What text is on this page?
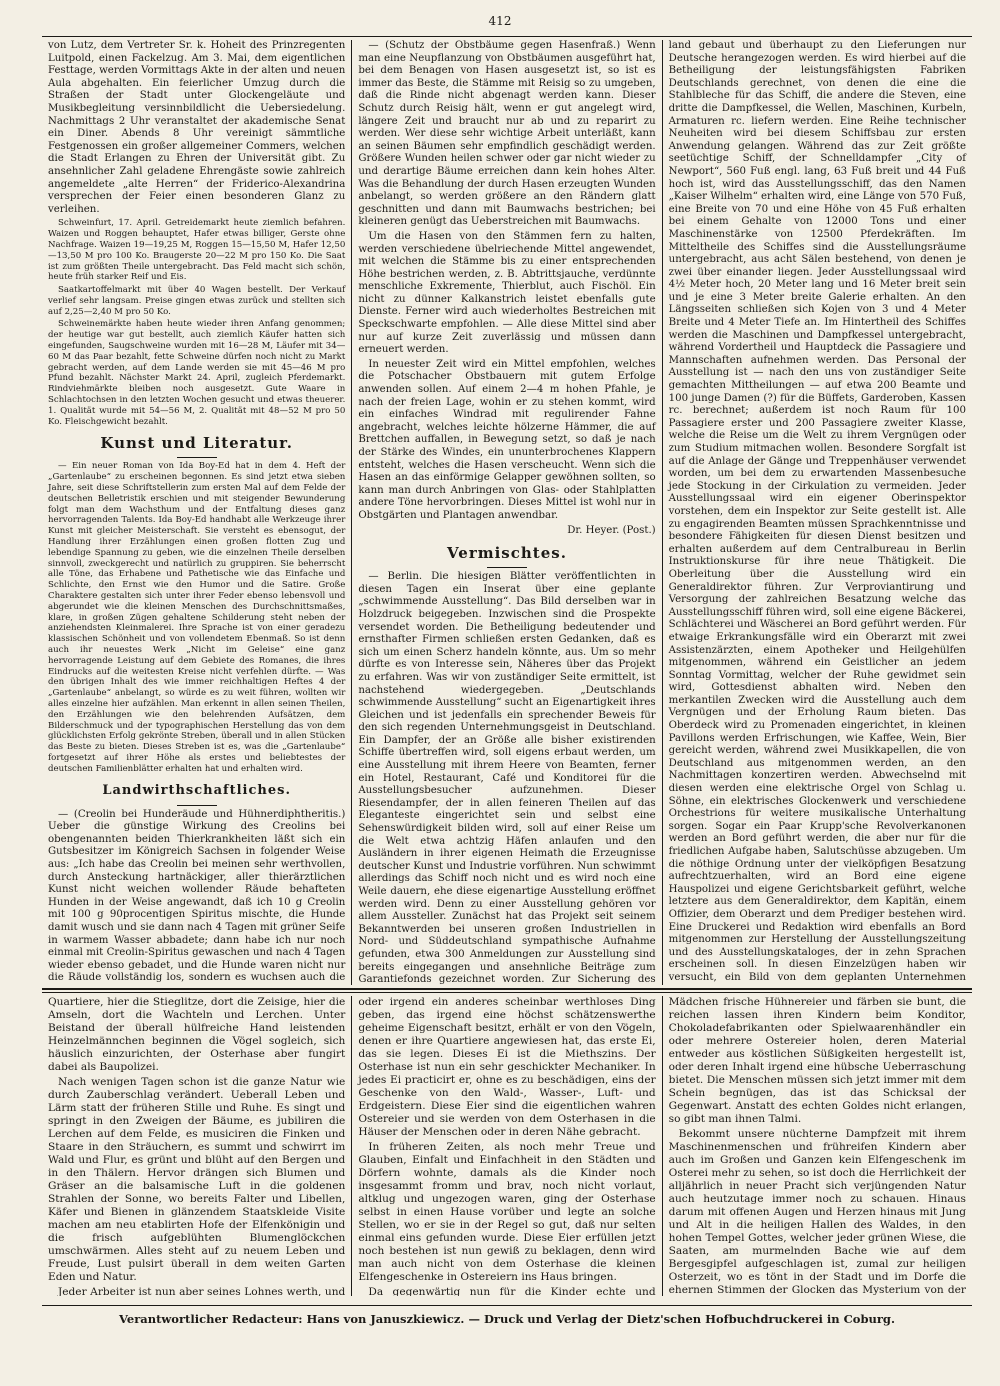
412

von Lutz, dem Vertreter Sr. k. Hoheit des Prinzregenten Luitpold, einen Fackelzug. Am 3. Mai, dem eigentlichen Festtage, werden Vormittags Akte in der alten und neuen Aula abgehalten. Ein feierlicher Umzug durch die Straßen der Stadt unter Glockengeläute und Musikbegleitung versinnbildlicht die Uebersiedelung. Nachmittags 2 Uhr veranstaltet der akademische Senat ein Diner. Abends 8 Uhr vereinigt sämmtliche Festgenossen ein großer allgemeiner Commers, welchen die Stadt Erlangen zu Ehren der Universität gibt. Zu ansehnlicher Zahl geladene Ehrengäste sowie zahlreich angemeldete „alte Herren“ der Friderico-Alexandrina versprechen der Feier einen besonderen Glanz zu verleihen.

Schweinfurt, 17. April. Getreidemarkt heute ziemlich befahren. Waizen und Roggen behauptet, Hafer etwas billiger, Gerste ohne Nachfrage. Waizen 19—19,25 M, Roggen 15—15,50 M, Hafer 12,50—13,50 M pro 100 Ko. Braugerste 20—22 M pro 150 Ko. Die Saat ist zum größten Theile untergebracht. Das Feld macht sich schön, heute früh starker Reif und Eis.

Saatkartoffelmarkt mit über 40 Wagen bestellt. Der Verkauf verlief sehr langsam. Preise gingen etwas zurück und stellten sich auf 2,25—2,40 M pro 50 Ko.

Schweinemärkte haben heute wieder ihren Anfang genommen; der heutige war gut bestellt, auch ziemlich Käufer hatten sich eingefunden, Saugschweine wurden mit 16—28 M, Läufer mit 34—60 M das Paar bezahlt, fette Schweine dürfen noch nicht zu Markt gebracht werden, auf dem Lande werden sie mit 45—46 M pro Pfund bezahlt. Nächster Markt 24. April, zugleich Pferdemarkt. Rindviehmärkte bleiben noch ausgesetzt. Gute Waare in Schlachtochsen in den letzten Wochen gesucht und etwas theuerer. 1. Qualität wurde mit 54—56 M, 2. Qualität mit 48—52 M pro 50 Ko. Fleischgewicht bezahlt.

Kunst und Literatur.

— Ein neuer Roman von Ida Boy-Ed hat in dem 4. Heft der „Gartenlaube“ zu erscheinen begonnen. Es sind jetzt etwa sieben Jahre, seit diese Schriftstellerin zum ersten Mal auf dem Felde der deutschen Belletristik erschien und mit steigender Bewunderung folgt man dem Wachsthum und der Entfaltung dieses ganz hervorragenden Talents. Ida Boy-Ed handhabt alle Werkzeuge ihrer Kunst mit gleicher Meisterschaft. Sie versteht es ebensogut, der Handlung ihrer Erzählungen einen großen flotten Zug und lebendige Spannung zu geben, wie die einzelnen Theile derselben sinnvoll, zweckgerecht und natürlich zu gruppiren. Sie beherrscht alle Töne, das Erhabene und Pathetische wie das Einfache und Schlichte, den Ernst wie den Humor und die Satire. Große Charaktere gestalten sich unter ihrer Feder ebenso lebensvoll und abgerundet wie die kleinen Menschen des Durchschnittsmaßes, klare, in großen Zügen gehaltene Schilderung steht neben der anziehendsten Kleinmalerei. Ihre Sprache ist von einer geradezu klassischen Schönheit und von vollendetem Ebenmaß. So ist denn auch ihr neuestes Werk „Nicht im Geleise“ eine ganz hervorragende Leistung auf dem Gebiete des Romanes, die ihres Eindrucks auf die weitesten Kreise nicht verfehlen dürfte. — Was den übrigen Inhalt des wie immer reichhaltigen Heftes 4 der „Gartenlaube“ anbelangt, so würde es zu weit führen, wollten wir alles einzelne hier aufzählen. Man erkennt in allen seinen Theilen, den Erzählungen wie den belehrenden Aufsätzen, dem Bilderschmuck und der typographischen Herstellung das von dem glücklichsten Erfolg gekrönte Streben, überall und in allen Stücken das Beste zu bieten. Dieses Streben ist es, was die „Gartenlaube“ fortgesetzt auf ihrer Höhe als erstes und beliebtestes der deutschen Familienblätter erhalten hat und erhalten wird.

Landwirthschaftliches.

— (Creolin bei Hunderäude und Hühnerdiphtheritis.) Ueber die günstige Wirkung des Creolins bei obengenannten beiden Thierkrankheiten läßt sich ein Gutsbesitzer im Königreich Sachsen in folgender Weise aus: „Ich habe das Creolin bei meinen sehr werthvollen, durch Ansteckung hartnäckiger, aller thierärztlichen Kunst nicht weichen wollender Räude behafteten Hunden in der Weise angewandt, daß ich 10 g Creolin mit 100 g 90procentigen Spiritus mischte, die Hunde damit wusch und sie dann nach 4 Tagen mit grüner Seife in warmem Wasser abbadete; dann habe ich nur noch einmal mit Creolin-Spiritus gewaschen und nach 4 Tagen wieder ebenso gebadet, und die Hunde waren nicht nur die Räude vollständig los, sondern es wuchsen auch die

— (Schutz der Obstbäume gegen Hasenfraß.) Wenn man eine Neupflanzung von Obstbäumen ausgeführt hat, bei dem Benagen von Hasen ausgesetzt ist, so ist es immer das Beste, die Stämme mit Reisig so zu umgeben, daß die Rinde nicht abgenagt werden kann. Dieser Schutz durch Reisig hält, wenn er gut angelegt wird, längere Zeit und braucht nur ab und zu reparirt zu werden. Wer diese sehr wichtige Arbeit unterläßt, kann an seinen Bäumen sehr empfindlich geschädigt werden. Größere Wunden heilen schwer oder gar nicht wieder zu und derartige Bäume erreichen dann kein hohes Alter. Was die Behandlung der durch Hasen erzeugten Wunden anbelangt, so werden größere an den Rändern glatt geschnitten und dann mit Baumwachs bestrichen; bei kleineren genügt das Ueberstreichen mit Baumwachs.

Um die Hasen von den Stämmen fern zu halten, werden verschiedene übelriechende Mittel angewendet, mit welchen die Stämme bis zu einer entsprechenden Höhe bestrichen werden, z. B. Abtrittsjauche, verdünnte menschliche Exkremente, Thierblut, auch Fischöl. Ein nicht zu dünner Kalkanstrich leistet ebenfalls gute Dienste. Ferner wird auch wiederholtes Bestreichen mit Speckschwarte empfohlen. — Alle diese Mittel sind aber nur auf kurze Zeit zuverlässig und müssen dann erneuert werden.

In neuester Zeit wird ein Mittel empfohlen, welches die Potschacher Obstbauern mit gutem Erfolge anwenden sollen. Auf einem 2—4 m hohen Pfahle, je nach der freien Lage, wohin er zu stehen kommt, wird ein einfaches Windrad mit regulirender Fahne angebracht, welches leichte hölzerne Hämmer, die auf Brettchen auffallen, in Bewegung setzt, so daß je nach der Stärke des Windes, ein ununterbrochenes Klappern entsteht, welches die Hasen verscheucht. Wenn sich die Hasen an das einförmige Gelapper gewöhnen sollten, so kann man durch Anbringen von Glas- oder Stahlplatten andere Töne hervorbringen. Dieses Mittel ist wohl nur in Obstgärten und Plantagen anwendbar.

Dr. Heyer. (Post.)
Vermischtes.

— Berlin. Die hiesigen Blätter veröffentlichten in diesen Tagen ein Inserat über eine geplante „schwimmende Ausstellung“. Das Bild derselben war in Holzdruck beigegeben. Inzwischen sind die Prospekte versendet worden. Die Betheiligung bedeutender und ernsthafter Firmen schließen ersten Gedanken, daß es sich um einen Scherz handeln könnte, aus. Um so mehr dürfte es von Interesse sein, Näheres über das Projekt zu erfahren. Was wir von zuständiger Seite ermittelt, ist nachstehend wiedergegeben. „Deutschlands schwimmende Ausstellung“ sucht an Eigenartigkeit ihres Gleichen und ist jedenfalls ein sprechender Beweis für den sich regenden Unternehmungsgeist in Deutschland. Ein Dampfer, der an Größe alle bisher existirenden Schiffe übertreffen wird, soll eigens erbaut werden, um eine Ausstellung mit ihrem Heere von Beamten, ferner ein Hotel, Restaurant, Café und Konditorei für die Ausstellungsbesucher aufzunehmen. Dieser Riesendampfer, der in allen feineren Theilen auf das Eleganteste eingerichtet sein und selbst eine Sehenswürdigkeit bilden wird, soll auf einer Reise um die Welt etwa achtzig Häfen anlaufen und den Ausländern in ihrer eigenen Heimath die Erzeugnisse deutscher Kunst und Industrie vorführen. Nun schwimmt allerdings das Schiff noch nicht und es wird noch eine Weile dauern, ehe diese eigenartige Ausstellung eröffnet werden wird. Denn zu einer Ausstellung gehören vor allem Aussteller. Zunächst hat das Projekt seit seinem Bekanntwerden bei unseren großen Industriellen in Nord- und Süddeutschland sympathische Aufnahme gefunden, etwa 300 Anmeldungen zur Ausstellung sind bereits eingegangen und ansehnliche Beiträge zum Garantiefonds gezeichnet worden. Zur Sicherung des

land gebaut und überhaupt zu den Lieferungen nur Deutsche herangezogen werden. Es wird hierbei auf die Betheiligung der leistungsfähigsten Fabriken Deutschlands gerechnet, von denen die eine die Stahlbleche für das Schiff, die andere die Steven, eine dritte die Dampfkessel, die Wellen, Maschinen, Kurbeln, Armaturen rc. liefern werden. Eine Reihe technischer Neuheiten wird bei diesem Schiffsbau zur ersten Anwendung gelangen. Während das zur Zeit größte seetüchtige Schiff, der Schnelldampfer „City of Newport“, 560 Fuß engl. lang, 63 Fuß breit und 44 Fuß hoch ist, wird das Ausstellungsschiff, das den Namen „Kaiser Wilhelm“ erhalten wird, eine Länge von 570 Fuß, eine Breite von 70 und eine Höhe von 45 Fuß erhalten bei einem Gehalte von 12000 Tons und einer Maschinenstärke von 12500 Pferdekräften. Im Mitteltheile des Schiffes sind die Ausstellungsräume untergebracht, aus acht Sälen bestehend, von denen je zwei über einander liegen. Jeder Ausstellungssaal wird 4½ Meter hoch, 20 Meter lang und 16 Meter breit sein und je eine 3 Meter breite Galerie erhalten. An den Längsseiten schließen sich Kojen von 3 und 4 Meter Breite und 4 Meter Tiefe an. Im Hintertheil des Schiffes werden die Maschinen und Dampfkessel untergebracht, während Vordertheil und Hauptdeck die Passagiere und Mannschaften aufnehmen werden. Das Personal der Ausstellung ist — nach den uns von zuständiger Seite gemachten Mittheilungen — auf etwa 200 Beamte und 100 junge Damen (?) für die Büffets, Garderoben, Kassen rc. berechnet; außerdem ist noch Raum für 100 Passagiere erster und 200 Passagiere zweiter Klasse, welche die Reise um die Welt zu ihrem Vergnügen oder zum Studium mitmachen wollen. Besondere Sorgfalt ist auf die Anlage der Gänge und Treppenhäuser verwendet worden, um bei dem zu erwartenden Massenbesuche jede Stockung in der Cirkulation zu vermeiden. Jeder Ausstellungssaal wird ein eigener Oberinspektor vorstehen, dem ein Inspektor zur Seite gestellt ist. Alle zu engagirenden Beamten müssen Sprachkenntnisse und besondere Fähigkeiten für diesen Dienst besitzen und erhalten außerdem auf dem Centralbureau in Berlin Instruktionskurse für ihre neue Thätigkeit. Die Oberleitung über die Ausstellung wird ein Generaldirektor führen. Zur Verproviantirung und Versorgung der zahlreichen Besatzung welche das Ausstellungsschiff führen wird, soll eine eigene Bäckerei, Schlächterei und Wäscherei an Bord geführt werden. Für etwaige Erkrankungsfälle wird ein Oberarzt mit zwei Assistenzärzten, einem Apotheker und Heilgehülfen mitgenommen, während ein Geistlicher an jedem Sonntag Vormittag, welcher der Ruhe gewidmet sein wird, Gottesdienst abhalten wird. Neben den merkantilen Zwecken wird die Ausstellung auch dem Vergnügen und der Erholung Raum bieten. Das Oberdeck wird zu Promenaden eingerichtet, in kleinen Pavillons werden Erfrischungen, wie Kaffee, Wein, Bier gereicht werden, während zwei Musikkapellen, die von Deutschland aus mitgenommen werden, an den Nachmittagen konzertiren werden. Abwechselnd mit diesen werden eine elektrische Orgel von Schlag u. Söhne, ein elektrisches Glockenwerk und verschiedene Orchestrions für weitere musikalische Unterhaltung sorgen. Sogar ein Paar Krupp'sche Revolverkanonen werden an Bord geführt werden, die aber nur für die friedlichen Aufgabe haben, Salutschüsse abzugeben. Um die nöthige Ordnung unter der vielköpfigen Besatzung aufrechtzuerhalten, wird an Bord eine eigene Hauspolizei und eigene Gerichtsbarkeit geführt, welche letztere aus dem Generaldirektor, dem Kapitän, einem Offizier, dem Oberarzt und dem Prediger bestehen wird. Eine Druckerei und Redaktion wird ebenfalls an Bord mitgenommen zur Herstellung der Ausstellungszeitung und des Ausstellungskataloges, der in zehn Sprachen erscheinen soll. In diesen Einzelzügen haben wir versucht, ein Bild von dem geplanten Unternehmen

Quartiere, hier die Stieglitze, dort die Zeisige, hier die Amseln, dort die Wachteln und Lerchen. Unter Beistand der überall hülfreiche Hand leistenden Heinzelmännchen beginnen die Vögel sogleich, sich häuslich einzurichten, der Osterhase aber fungirt dabei als Baupolizei.

Nach wenigen Tagen schon ist die ganze Natur wie durch Zauberschlag verändert. Ueberall Leben und Lärm statt der früheren Stille und Ruhe. Es singt und springt in den Zweigen der Bäume, es jubiliren die Lerchen auf dem Felde, es musiciren die Finken und Staare in den Sträuchern, es summt und schwirrt im Wald und Flur, es grünt und blüht auf den Bergen und in den Thälern. Hervor drängen sich Blumen und Gräser an die balsamische Luft in die goldenen Strahlen der Sonne, wo bereits Falter und Libellen, Käfer und Bienen in glänzendem Staatskleide Visite machen am neu etablirten Hofe der Elfenkönigin und die frisch aufgeblühten Blumenglöckchen umschwärmen. Alles steht auf zu neuem Leben und Freude, Lust pulsirt überall in dem weiten Garten Eden und Natur.

Jeder Arbeiter ist nun aber seines Lohnes werth, und

oder irgend ein anderes scheinbar werthloses Ding geben, das irgend eine höchst schätzenswerthe geheime Eigenschaft besitzt, erhält er von den Vögeln, denen er ihre Quartiere angewiesen hat, das erste Ei, das sie legen. Dieses Ei ist die Miethszins. Der Osterhase ist nun ein sehr geschickter Mechaniker. In jedes Ei practicirt er, ohne es zu beschädigen, eins der Geschenke von den Wald-, Wasser-, Luft- und Erdgeistern. Diese Eier sind die eigentlichen wahren Ostereier und sie werden von dem Osterhasen in die Häuser der Menschen oder in deren Nähe gebracht.

In früheren Zeiten, als noch mehr Treue und Glauben, Einfalt und Einfachheit in den Städten und Dörfern wohnte, damals als die Kinder noch insgesammt fromm und brav, noch nicht vorlaut, altklug und ungezogen waren, ging der Osterhase selbst in einen Hause vorüber und legte an solche Stellen, wo er sie in der Regel so gut, daß nur selten einmal eins gefunden wurde. Diese Eier erfüllen jetzt noch bestehen ist nun gewiß zu beklagen, denn wird man auch nicht von dem Osterhase die kleinen Elfengeschenke in Ostereiern ins Haus bringen.

Da gegenwärtig nun für die Kinder echte und

Mädchen frische Hühnereier und färben sie bunt, die reichen lassen ihren Kindern beim Konditor, Chokoladefabrikanten oder Spielwaarenhändler ein oder mehrere Ostereier holen, deren Material entweder aus köstlichen Süßigkeiten hergestellt ist, oder deren Inhalt irgend eine hübsche Ueberraschung bietet. Die Menschen müssen sich jetzt immer mit dem Schein begnügen, das ist das Schicksal der Gegenwart. Anstatt des echten Goldes nicht erlangen, so gibt man ihnen Talmi.

Bekommt unsere nüchterne Dampfzeit mit ihrem Maschinenmenschen und frühreifen Kindern aber auch im Großen und Ganzen kein Elfengeschenk im Osterei mehr zu sehen, so ist doch die Herrlichkeit der alljährlich in neuer Pracht sich verjüngenden Natur auch heutzutage immer noch zu schauen. Hinaus darum mit offenen Augen und Herzen hinaus mit Jung und Alt in die heiligen Hallen des Waldes, in den hohen Tempel Gottes, welcher jeder grünen Wiese, die Saaten, am murmelnden Bache wie auf dem Bergesgipfel aufgeschlagen ist, zumal zur heiligen Osterzeit, wo es tönt in der Stadt und im Dorfe die ehernen Stimmen der Glocken das Mysterium von der

Verantwortlicher Redacteur: Hans von Januszkiewicz. — Druck und Verlag der Dietz'schen Hofbuchdruckerei in Coburg.
